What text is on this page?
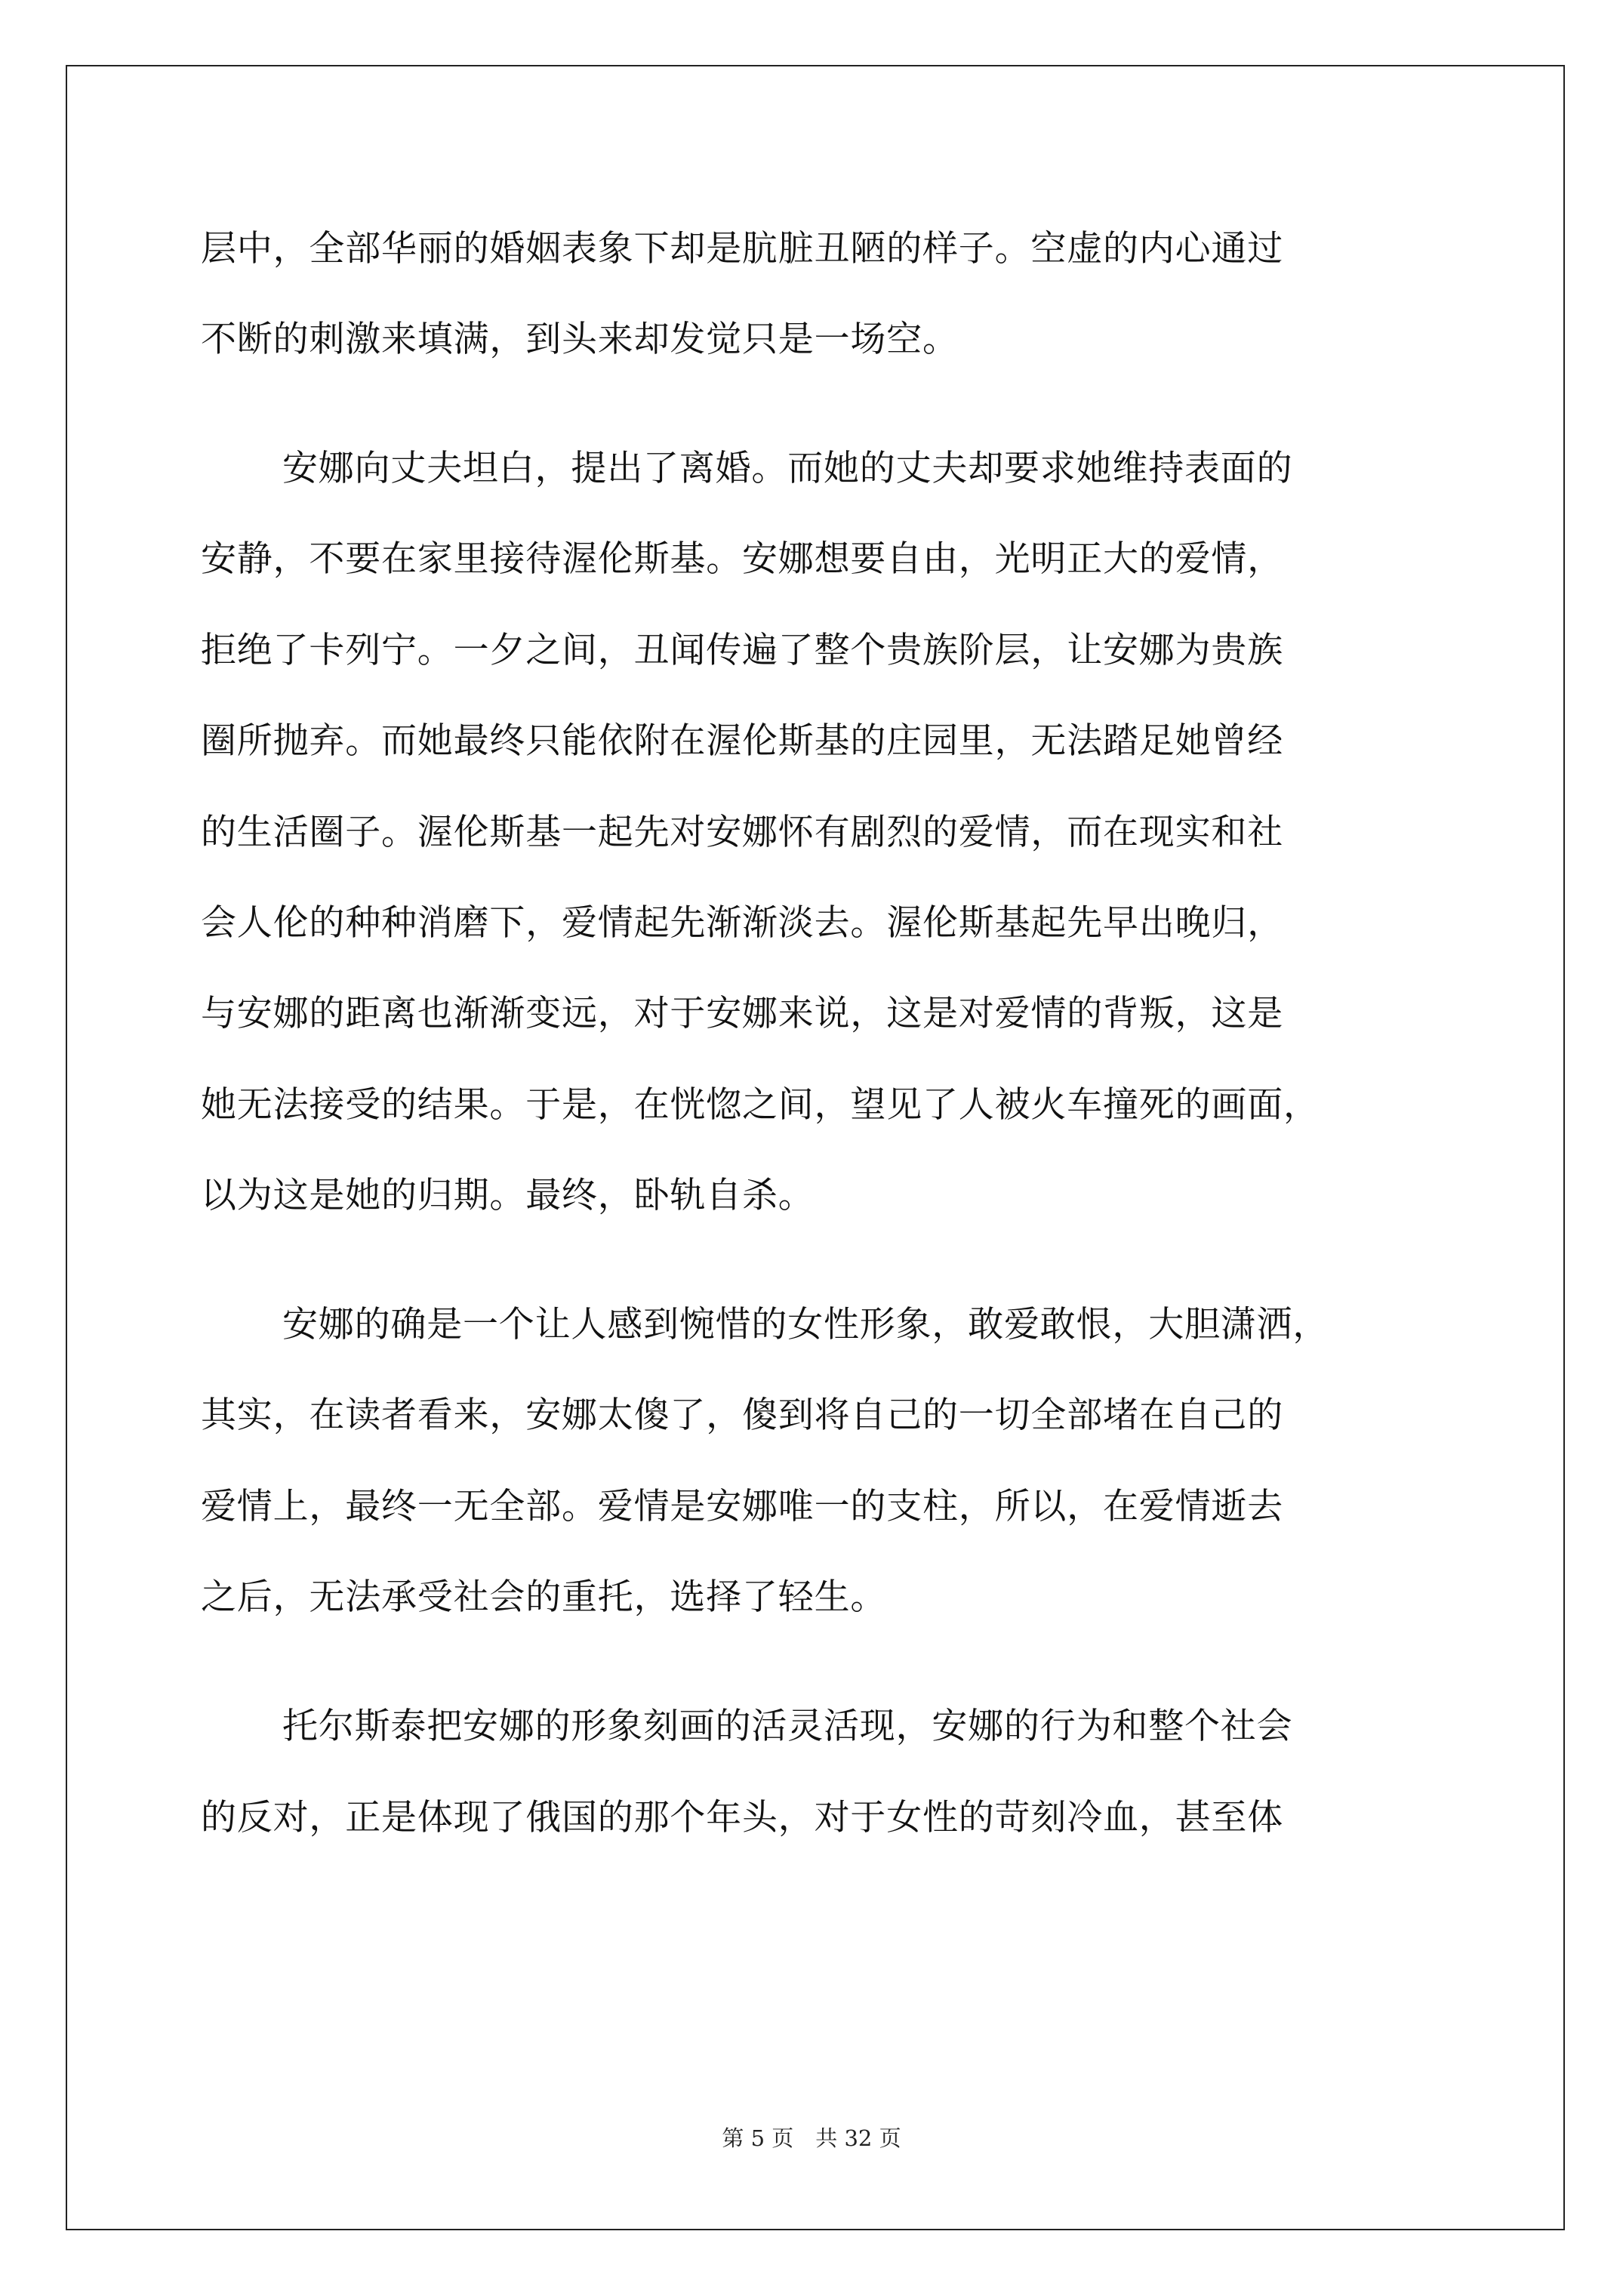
层中，全部华丽的婚姻表象下却是肮脏丑陋的样子。空虚的内心通过
不断的刺激来填满，到头来却发觉只是一场空。
安娜向丈夫坦白，提出了离婚。而她的丈夫却要求她维持表面的
安静，不要在家里接待渥伦斯基。安娜想要自由，光明正大的爱情，
拒绝了卡列宁。一夕之间，丑闻传遍了整个贵族阶层，让安娜为贵族
圈所抛弃。而她最终只能依附在渥伦斯基的庄园里，无法踏足她曾经
的生活圈子。渥伦斯基一起先对安娜怀有剧烈的爱情，而在现实和社
会人伦的种种消磨下，爱情起先渐渐淡去。渥伦斯基起先早出晚归，
与安娜的距离也渐渐变远，对于安娜来说，这是对爱情的背叛，这是
她无法接受的结果。于是，在恍惚之间，望见了人被火车撞死的画面，
以为这是她的归期。最终，卧轨自杀。
安娜的确是一个让人感到惋惜的女性形象，敢爱敢恨，大胆潇洒，
其实，在读者看来，安娜太傻了，傻到将自己的一切全部堵在自己的
爱情上，最终一无全部。爱情是安娜唯一的支柱，所以，在爱情逝去
之后，无法承受社会的重托，选择了轻生。
托尔斯泰把安娜的形象刻画的活灵活现，安娜的行为和整个社会
的反对，正是体现了俄国的那个年头，对于女性的苛刻冷血，甚至体
第 5 页　共 32 页
